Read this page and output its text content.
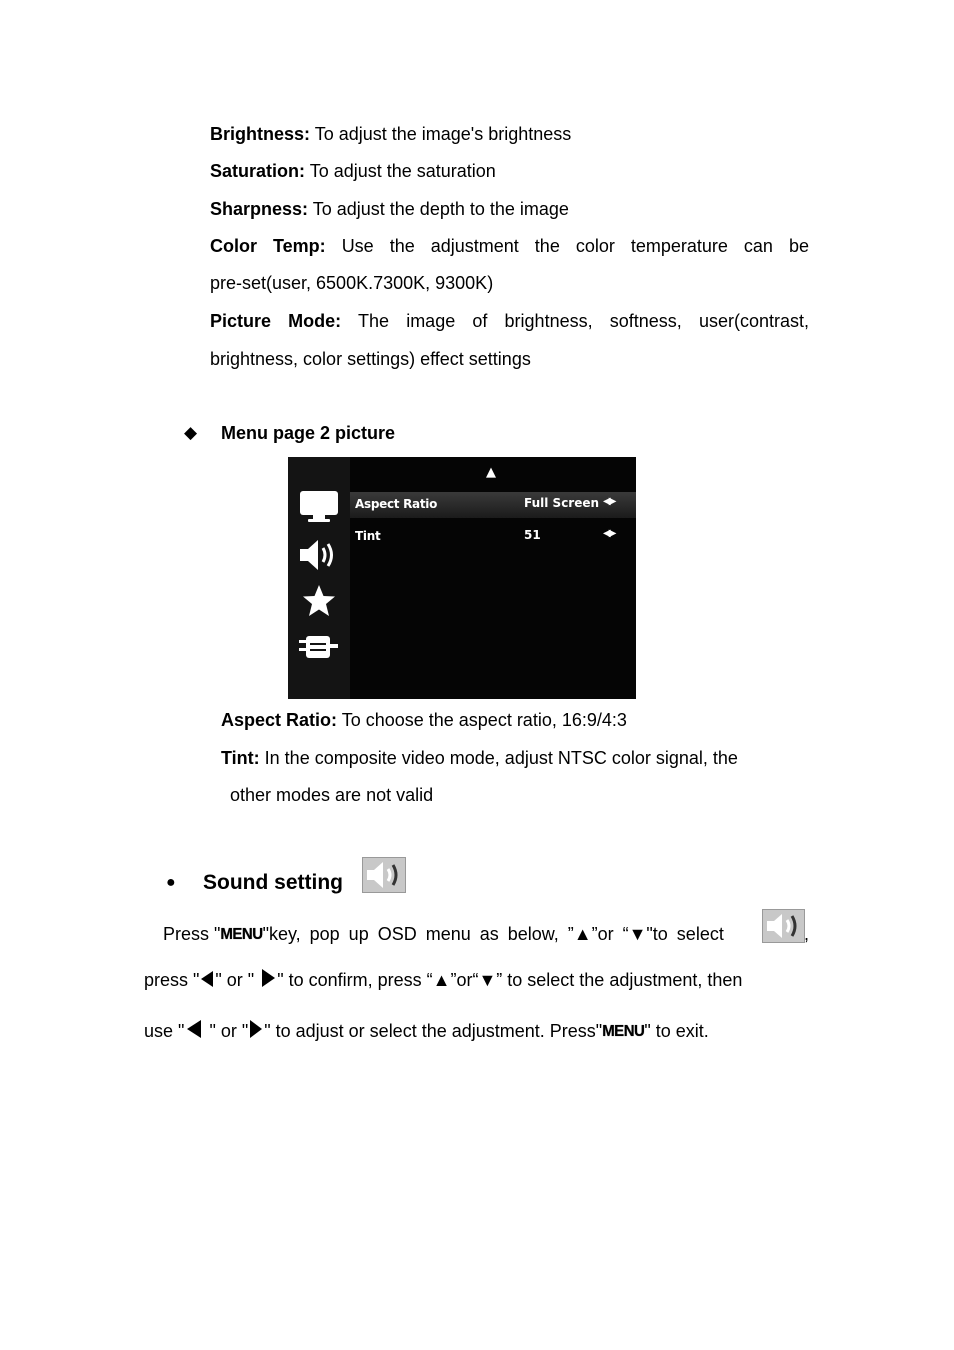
Brightness: To adjust the image's brightness
Saturation: To adjust the saturation
Sharpness: To adjust the depth to the image
Color Temp: Use the adjustment the color temperature can be
pre-set(user, 6500K.7300K, 9300K)
Picture Mode: The image of brightness, softness, user(contrast,
brightness, color settings) effect settings
◆ Menu page 2 picture
▲
Aspect Ratio	Full Screen ◀▶
Tint	51	◀▶
Aspect Ratio: To choose the aspect ratio, 16:9/4:3
Tint: In the composite video mode, adjust NTSC color signal, the
other modes are not valid
● Sound setting
Press "MENU"key, pop up OSD menu as below, ”▲”or “▼"to select	,
press " " or " " to confirm, press “▲”or“▼” to select the adjustment, then
use " " or " " to adjust or select the adjustment. Press"MENU" to exit.
